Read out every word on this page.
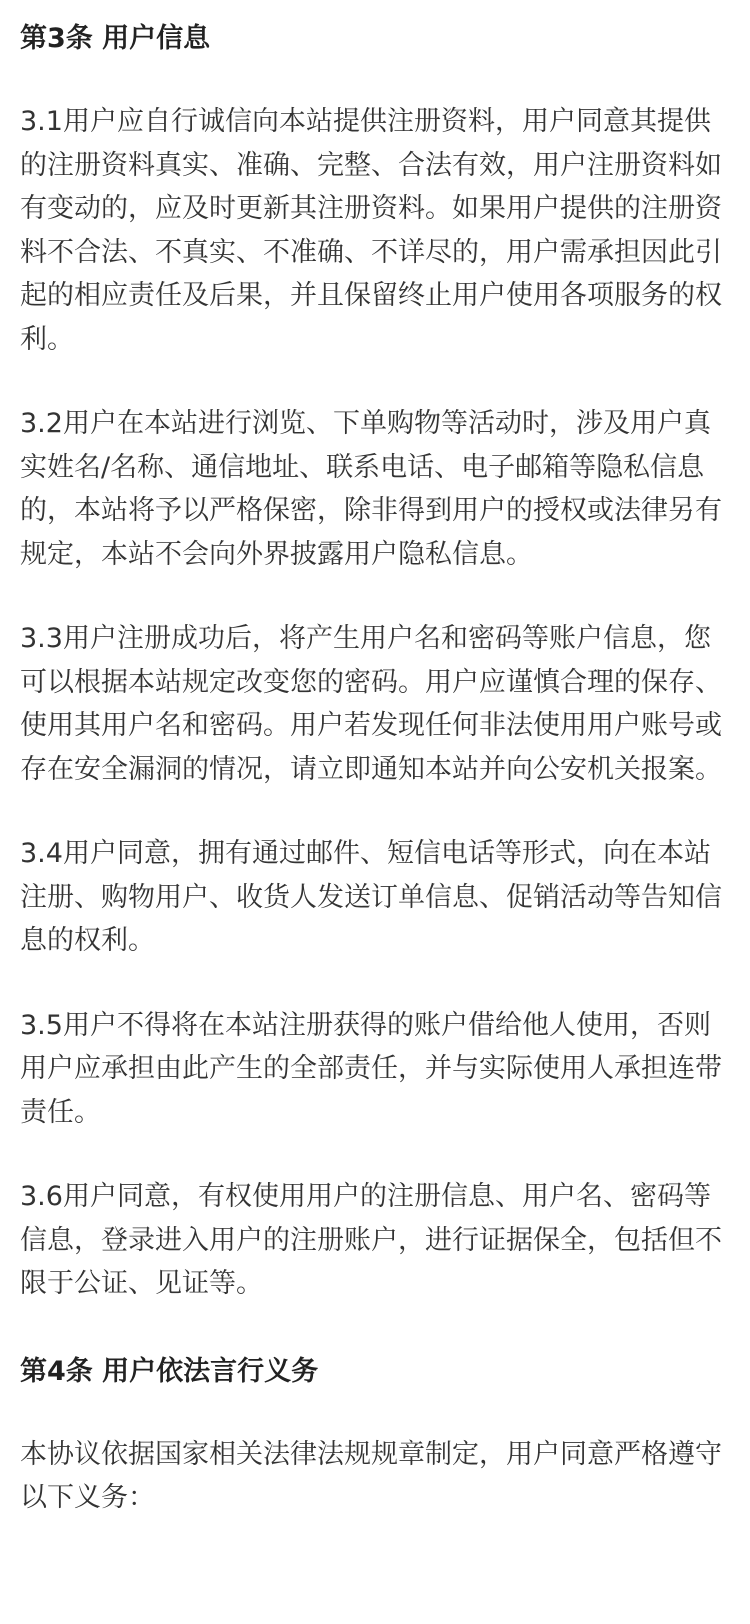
第3条 用户信息

3.1用户应自行诚信向本站提供注册资料，用户同意其提供的注册资料真实、准确、完整、合法有效，用户注册资料如有变动的，应及时更新其注册资料。如果用户提供的注册资料不合法、不真实、不准确、不详尽的，用户需承担因此引起的相应责任及后果，并且保留终止用户使用各项服务的权利。

3.2用户在本站进行浏览、下单购物等活动时，涉及用户真实姓名/名称、通信地址、联系电话、电子邮箱等隐私信息的，本站将予以严格保密，除非得到用户的授权或法律另有规定，本站不会向外界披露用户隐私信息。

3.3用户注册成功后，将产生用户名和密码等账户信息，您可以根据本站规定改变您的密码。用户应谨慎合理的保存、使用其用户名和密码。用户若发现任何非法使用用户账号或存在安全漏洞的情况，请立即通知本站并向公安机关报案。

3.4用户同意，拥有通过邮件、短信电话等形式，向在本站注册、购物用户、收货人发送订单信息、促销活动等告知信息的权利。

3.5用户不得将在本站注册获得的账户借给他人使用，否则用户应承担由此产生的全部责任，并与实际使用人承担连带责任。

3.6用户同意，有权使用用户的注册信息、用户名、密码等信息，登录进入用户的注册账户，进行证据保全，包括但不限于公证、见证等。

第4条 用户依法言行义务

本协议依据国家相关法律法规规章制定，用户同意严格遵守以下义务：
